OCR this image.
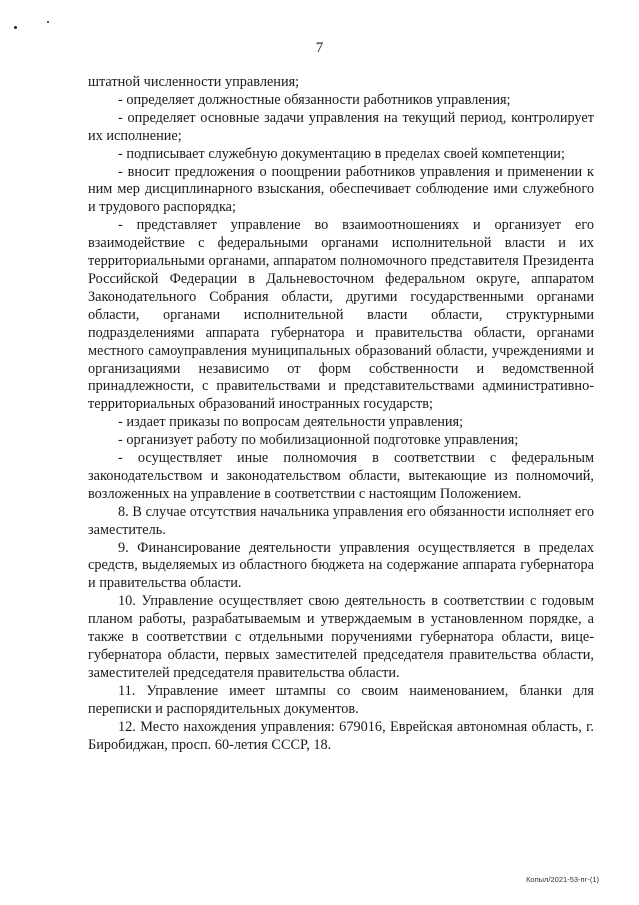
7

штатной численности управления;

- определяет должностные обязанности работников управления;

- определяет основные задачи управления на текущий период, контролирует их исполнение;

- подписывает служебную документацию в пределах своей компетенции;

- вносит предложения о поощрении работников управления и применении к ним мер дисциплинарного взыскания, обеспечивает соблюдение ими служебного и трудового распорядка;

- представляет управление во взаимоотношениях и организует его взаимодействие с федеральными органами исполнительной власти и их территориальными органами, аппаратом полномочного представителя Президента Российской Федерации в Дальневосточном федеральном округе, аппаратом Законодательного Собрания области, другими государственными органами области, органами исполнительной власти области, структурными подразделениями аппарата губернатора и правительства области, органами местного самоуправления муниципальных образований области, учреждениями и организациями независимо от форм собственности и ведомственной принадлежности, с правительствами и представительствами административно-территориальных образований иностранных государств;

- издает приказы по вопросам деятельности управления;

- организует работу по мобилизационной подготовке управления;

- осуществляет иные полномочия в соответствии с федеральным законодательством и законодательством области, вытекающие из полномочий, возложенных на управление в соответствии с настоящим Положением.

8. В случае отсутствия начальника управления его обязанности исполняет его заместитель.

9. Финансирование деятельности управления осуществляется в пределах средств, выделяемых из областного бюджета на содержание аппарата губернатора и правительства области.

10. Управление осуществляет свою деятельность в соответствии с годовым планом работы, разрабатываемым и утверждаемым в установленном порядке, а также в соответствии с отдельными поручениями губернатора области, вице-губернатора области, первых заместителей председателя правительства области, заместителей председателя правительства области.

11. Управление имеет штампы со своим наименованием, бланки для переписки и распорядительных документов.

12. Место нахождения управления: 679016, Еврейская автономная область, г. Биробиджан, просп. 60-летия СССР, 18.

Копыл/2021-53-пг-(1)
